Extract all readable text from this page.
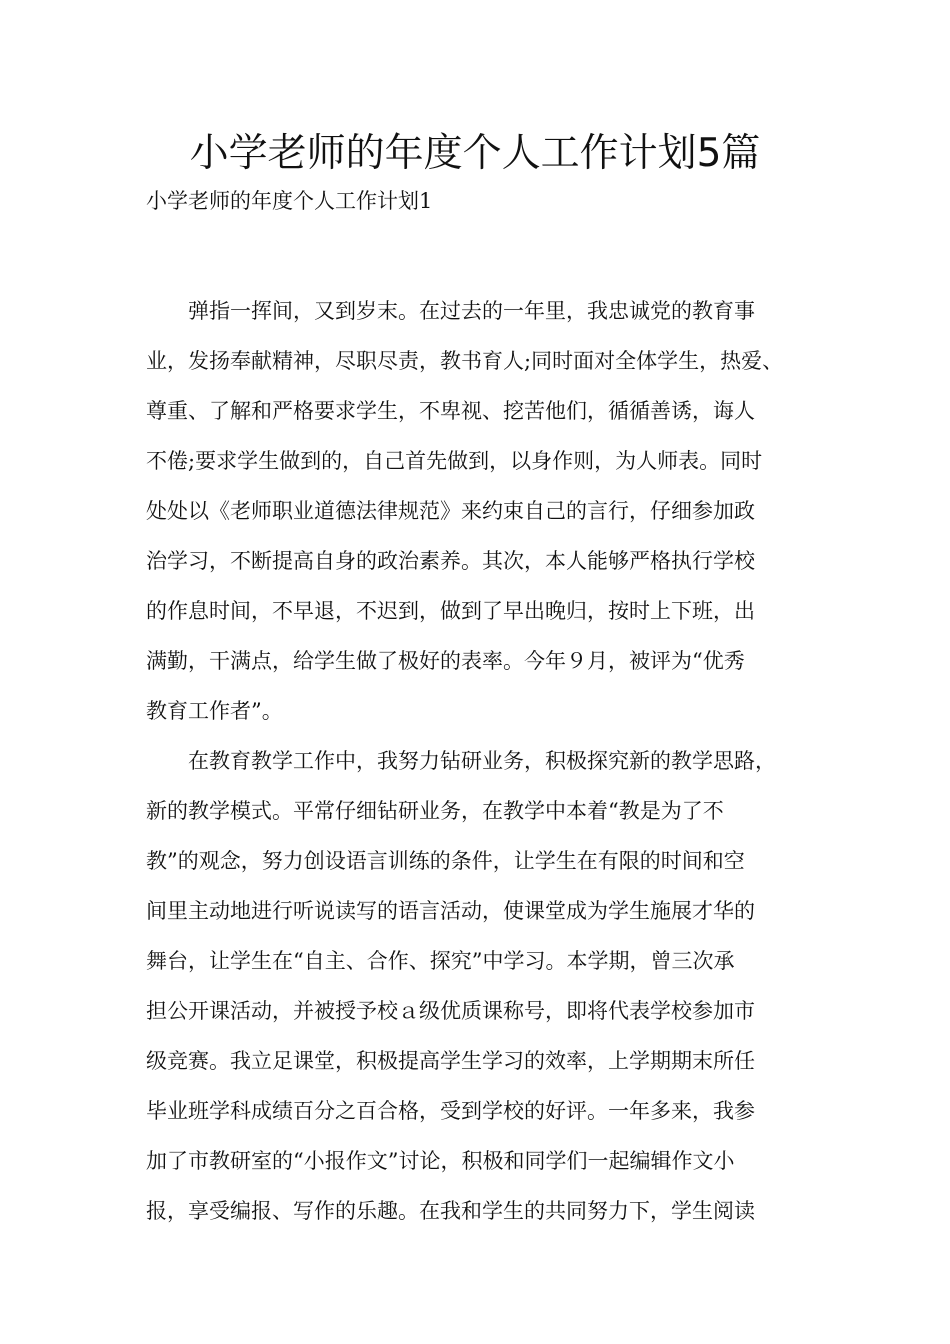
小学老师的年度个人工作计划5篇
小学老师的年度个人工作计划1

弹指一挥间，又到岁末。在过去的一年里，我忠诚党的教育事
业，发扬奉献精神，尽职尽责，教书育人;同时面对全体学生，热爱、
尊重、了解和严格要求学生，不卑视、挖苦他们，循循善诱，诲人
不倦;要求学生做到的，自己首先做到，以身作则，为人师表。同时
处处以《老师职业道德法律规范》来约束自己的言行，仔细参加政
治学习，不断提高自身的政治素养。其次，本人能够严格执行学校
的作息时间，不早退，不迟到，做到了早出晚归，按时上下班，出
满勤，干满点，给学生做了极好的表率。今年９月，被评为“优秀
教育工作者”。

在教育教学工作中，我努力钻研业务，积极探究新的教学思路，
新的教学模式。平常仔细钻研业务，在教学中本着“教是为了不
教”的观念，努力创设语言训练的条件，让学生在有限的时间和空
间里主动地进行听说读写的语言活动，使课堂成为学生施展才华的
舞台，让学生在“自主、合作、探究”中学习。本学期，曾三次承
担公开课活动，并被授予校ａ级优质课称号，即将代表学校参加市
级竞赛。我立足课堂，积极提高学生学习的效率，上学期期末所任
毕业班学科成绩百分之百合格，受到学校的好评。一年多来，我参
加了市教研室的“小报作文”讨论，积极和同学们一起编辑作文小
报，享受编报、写作的乐趣。在我和学生的共同努力下，学生阅读
